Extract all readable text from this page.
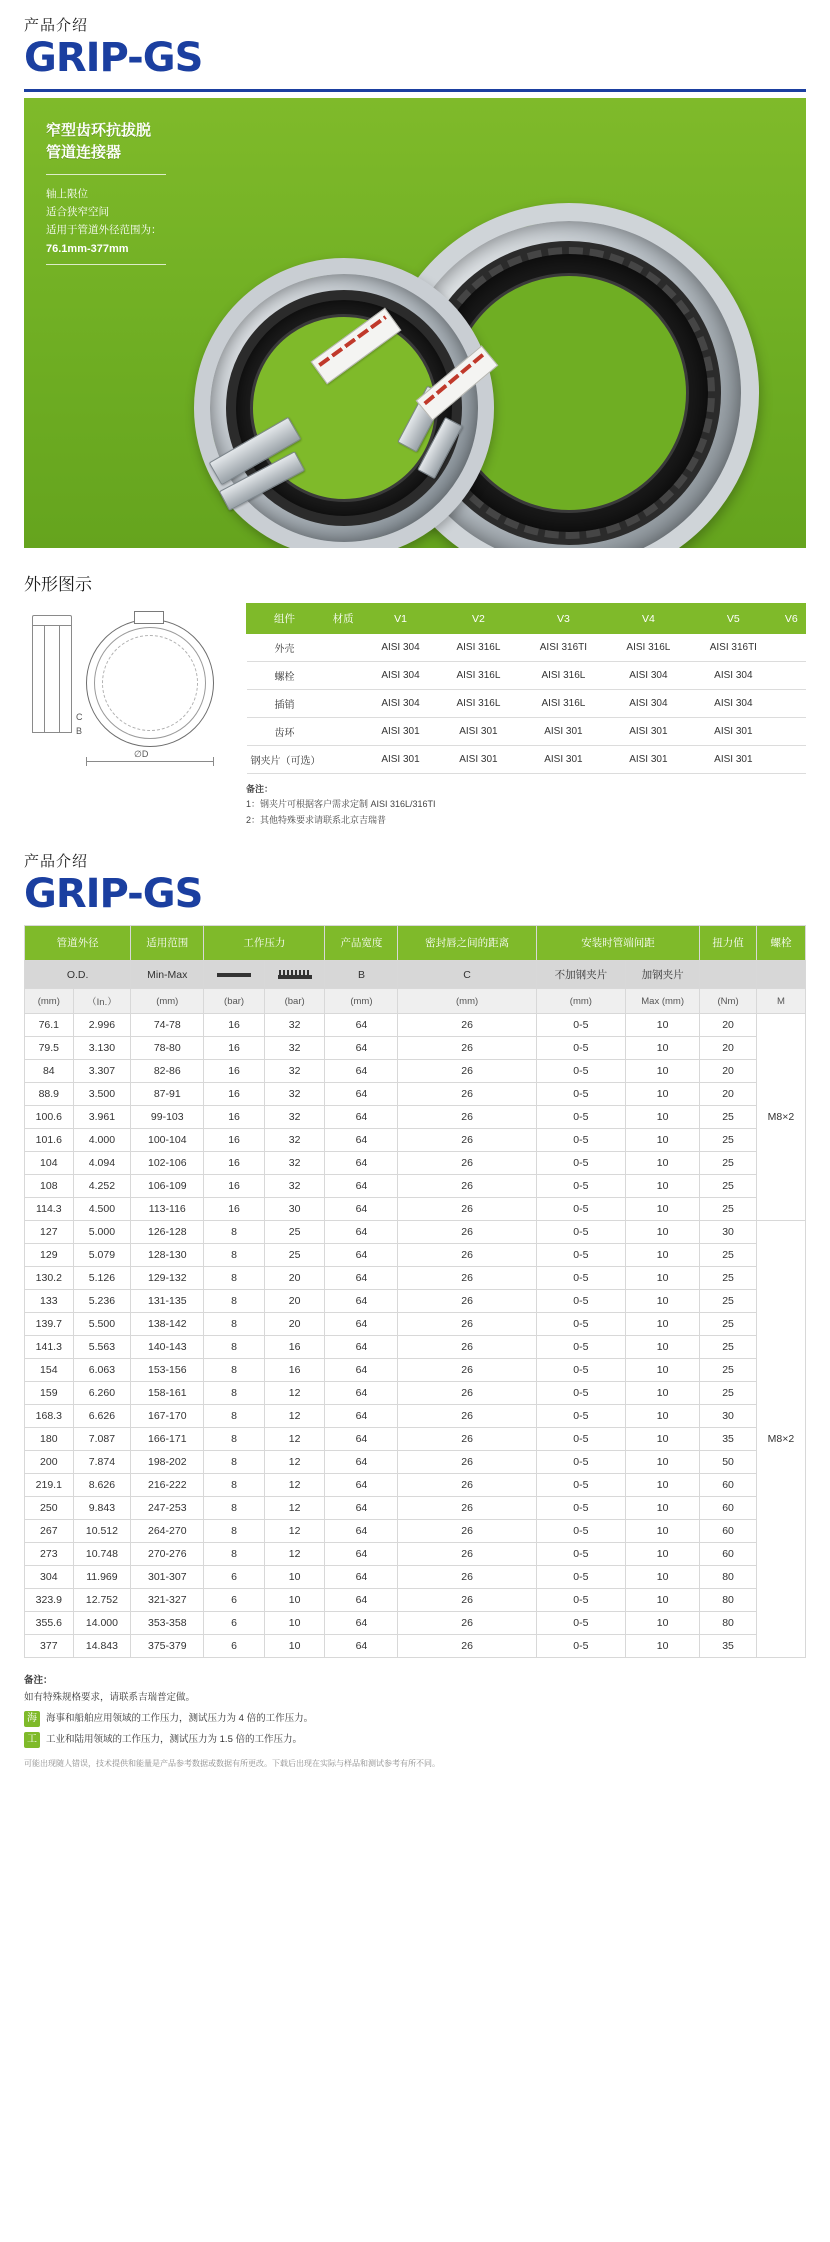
产品介绍
GRIP-GS
窄型齿环抗拔脱
管道连接器
轴上限位
适合狭窄空间
适用于管道外径范围为：
76.1mm-377mm
外形图示
∅D
C
B
组件	材质	V1	V2	V3	V4	V5	V6
外壳		AISI 304	AISI 316L	AISI 316TI	AISI 316L	AISI 316TI	
螺栓		AISI 304	AISI 316L	AISI 316L	AISI 304	AISI 304	
插销		AISI 304	AISI 316L	AISI 316L	AISI 304	AISI 304	
齿环		AISI 301	AISI 301	AISI 301	AISI 301	AISI 301	
钢夹片（可选）		AISI 301	AISI 301	AISI 301	AISI 301	AISI 301	
备注：
1：钢夹片可根据客户需求定制 AISI 316L/316TI
2：其他特殊要求请联系北京吉瑞普
产品介绍
GRIP-GS
管道外径		适用范围	工作压力		产品宽度	密封唇之间的距离	安装时管端间距		扭力值	螺栓
O.D.		Min-Max			B	C	不加钢夹片	加钢夹片		
(mm)	（In.）	(mm)	(bar)	(bar)	(mm)	(mm)	(mm)	Max (mm)	(Nm)	M
76.1	2.996	74-78	16	32	64	26	0-5	10	20	M8×2
79.5	3.130	78-80	16	32	64	26	0-5	10	20	
84	3.307	82-86	16	32	64	26	0-5	10	20	
88.9	3.500	87-91	16	32	64	26	0-5	10	20	
100.6	3.961	99-103	16	32	64	26	0-5	10	25	
101.6	4.000	100-104	16	32	64	26	0-5	10	25	
104	4.094	102-106	16	32	64	26	0-5	10	25	
108	4.252	106-109	16	32	64	26	0-5	10	25	
114.3	4.500	113-116	16	30	64	26	0-5	10	25	
127	5.000	126-128	8	25	64	26	0-5	10	30	M8×2
129	5.079	128-130	8	25	64	26	0-5	10	25	
130.2	5.126	129-132	8	20	64	26	0-5	10	25	
133	5.236	131-135	8	20	64	26	0-5	10	25	
139.7	5.500	138-142	8	20	64	26	0-5	10	25	
141.3	5.563	140-143	8	16	64	26	0-5	10	25	
154	6.063	153-156	8	16	64	26	0-5	10	25	
159	6.260	158-161	8	12	64	26	0-5	10	25	
168.3	6.626	167-170	8	12	64	26	0-5	10	30	
180	7.087	166-171	8	12	64	26	0-5	10	35	
200	7.874	198-202	8	12	64	26	0-5	10	50	
219.1	8.626	216-222	8	12	64	26	0-5	10	60	
250	9.843	247-253	8	12	64	26	0-5	10	60	
267	10.512	264-270	8	12	64	26	0-5	10	60	
273	10.748	270-276	8	12	64	26	0-5	10	60	
304	11.969	301-307	6	10	64	26	0-5	10	80	
323.9	12.752	321-327	6	10	64	26	0-5	10	80	
355.6	14.000	353-358	6	10	64	26	0-5	10	80	
377	14.843	375-379	6	10	64	26	0-5	10	35	
备注：
如有特殊规格要求，请联系吉瑞普定做。
海 海事和船舶应用领域的工作压力，测试压力为 4 倍的工作压力。
工 工业和陆用领域的工作压力，测试压力为 1.5 倍的工作压力。
可能出现随人错误，技术提供和能量是产品参考数据或数据有所更改。下载后出现在实际与样品和测试参考有所不同。
